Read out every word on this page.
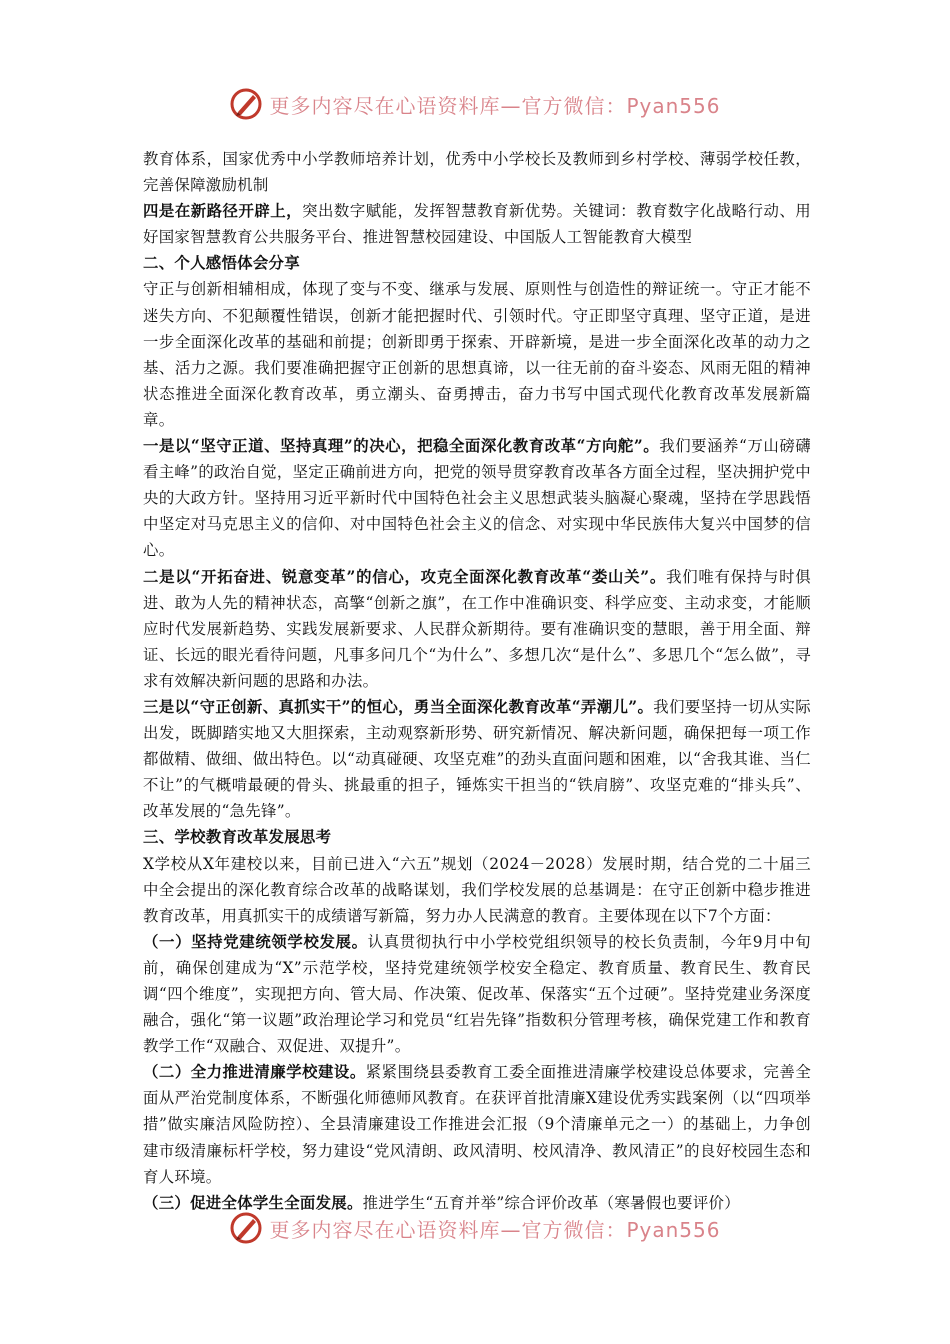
更多内容尽在心语资料库—官方微信：Pyan556

教育体系，国家优秀中小学教师培养计划，优秀中小学校长及教师到乡村学校、薄弱学校任教，完善保障激励机制

四是在新路径开辟上，突出数字赋能，发挥智慧教育新优势。关键词：教育数字化战略行动、用好国家智慧教育公共服务平台、推进智慧校园建设、中国版人工智能教育大模型

二、个人感悟体会分享

守正与创新相辅相成，体现了变与不变、继承与发展、原则性与创造性的辩证统一。守正才能不迷失方向、不犯颠覆性错误，创新才能把握时代、引领时代。守正即坚守真理、坚守正道，是进一步全面深化改革的基础和前提；创新即勇于探索、开辟新境，是进一步全面深化改革的动力之基、活力之源。我们要准确把握守正创新的思想真谛，以一往无前的奋斗姿态、风雨无阻的精神状态推进全面深化教育改革，勇立潮头、奋勇搏击，奋力书写中国式现代化教育改革发展新篇章。

一是以“坚守正道、坚持真理”的决心，把稳全面深化教育改革“方向舵”。我们要涵养“万山磅礴看主峰”的政治自觉，坚定正确前进方向，把党的领导贯穿教育改革各方面全过程，坚决拥护党中央的大政方针。坚持用习近平新时代中国特色社会主义思想武装头脑凝心聚魂，坚持在学思践悟中坚定对马克思主义的信仰、对中国特色社会主义的信念、对实现中华民族伟大复兴中国梦的信心。

二是以“开拓奋进、锐意变革”的信心，攻克全面深化教育改革“娄山关”。我们唯有保持与时俱进、敢为人先的精神状态，高擎“创新之旗”，在工作中准确识变、科学应变、主动求变，才能顺应时代发展新趋势、实践发展新要求、人民群众新期待。要有准确识变的慧眼，善于用全面、辩证、长远的眼光看待问题，凡事多问几个“为什么”、多想几次“是什么”、多思几个“怎么做”，寻求有效解决新问题的思路和办法。

三是以“守正创新、真抓实干”的恒心，勇当全面深化教育改革“弄潮儿”。我们要坚持一切从实际出发，既脚踏实地又大胆探索，主动观察新形势、研究新情况、解决新问题，确保把每一项工作都做精、做细、做出特色。以“动真碰硬、攻坚克难”的劲头直面问题和困难，以“舍我其谁、当仁不让”的气概啃最硬的骨头、挑最重的担子，锤炼实干担当的“铁肩膀”、攻坚克难的“排头兵”、改革发展的“急先锋”。

三、学校教育改革发展思考

X学校从X年建校以来，目前已进入“六五”规划（2024－2028）发展时期，结合党的二十届三中全会提出的深化教育综合改革的战略谋划，我们学校发展的总基调是：在守正创新中稳步推进教育改革，用真抓实干的成绩谱写新篇，努力办人民满意的教育。主要体现在以下7个方面：

（一）坚持党建统领学校发展。认真贯彻执行中小学校党组织领导的校长负责制，今年9月中旬前，确保创建成为“X”示范学校，坚持党建统领学校安全稳定、教育质量、教育民生、教育民调“四个维度”，实现把方向、管大局、作决策、促改革、保落实“五个过硬”。坚持党建业务深度融合，强化“第一议题”政治理论学习和党员“红岩先锋”指数积分管理考核，确保党建工作和教育教学工作“双融合、双促进、双提升”。

（二）全力推进清廉学校建设。紧紧围绕县委教育工委全面推进清廉学校建设总体要求，完善全面从严治党制度体系，不断强化师德师风教育。在获评首批清廉X建设优秀实践案例（以“四项举措”做实廉洁风险防控）、全县清廉建设工作推进会汇报（9个清廉单元之一）的基础上，力争创建市级清廉标杆学校，努力建设“党风清朗、政风清明、校风清净、教风清正”的良好校园生态和育人环境。

（三）促进全体学生全面发展。推进学生“五育并举”综合评价改革（寒暑假也要评价）

更多内容尽在心语资料库—官方微信：Pyan556
